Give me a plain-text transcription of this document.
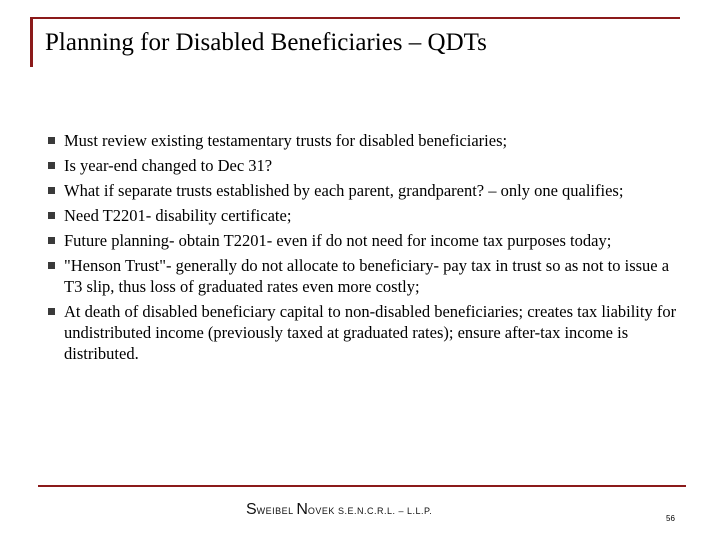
Planning for Disabled Beneficiaries – QDTs
Must review existing testamentary trusts for disabled beneficiaries;
Is year-end changed to Dec 31?
What if separate trusts established by each parent, grandparent? – only one qualifies;
Need T2201- disability certificate;
Future planning- obtain T2201- even if do not need for income tax purposes today;
"Henson Trust"- generally do not allocate to beneficiary- pay tax in trust so as not to issue a T3 slip, thus loss of graduated rates even more costly;
At death of disabled beneficiary capital to non-disabled beneficiaries; creates tax liability for undistributed income (previously taxed at graduated rates); ensure after-tax income is distributed.
SWEIBEL NOVEK S.E.N.C.R.L. – L.L.P.
56
